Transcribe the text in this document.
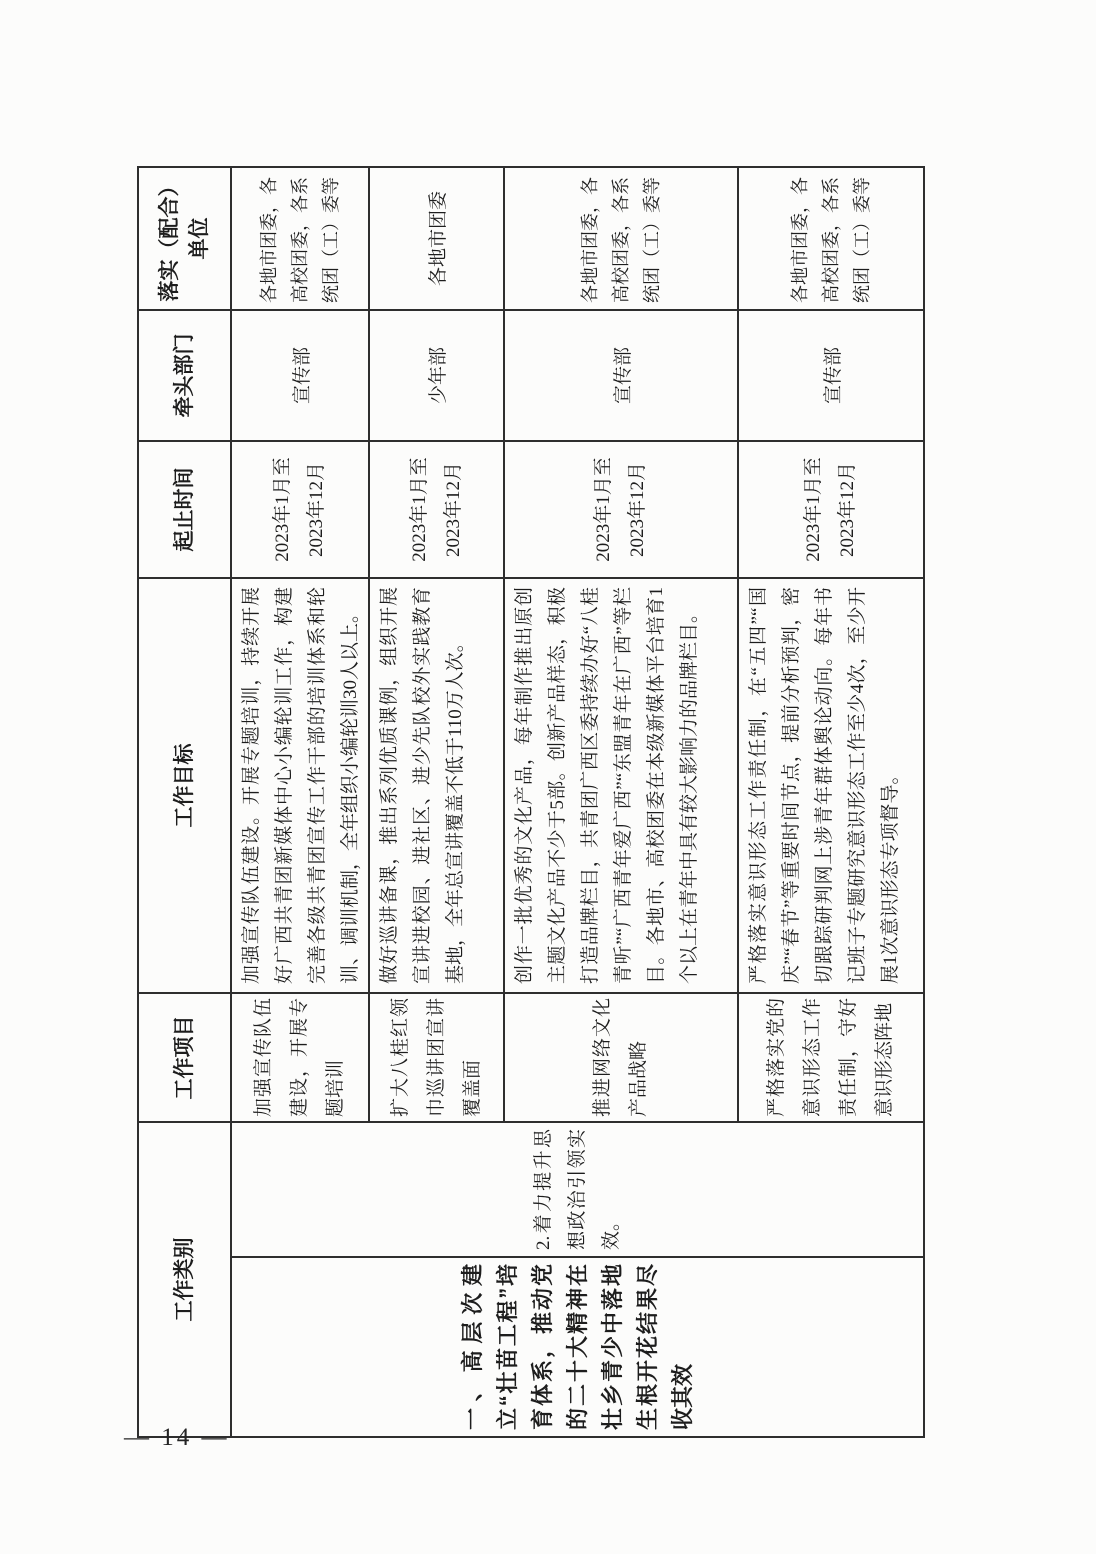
工作类别
工作项目
工作目标
起止时间
牵头部门
落实（配合）单位
一、高层次建立“壮苗工程”培育体系，推动党的二十大精神在壮乡青少中落地生根开花结果尽收其效
2.着力提升思想政治引领实效。
加强宣传队伍建设，开展专题培训
加强宣传队伍建设。开展专题培训，持续开展好广西共青团新媒体中心小编轮训工作，构建完善各级共青团宣传工作干部的培训体系和轮训、调训机制，全年组织小编轮训30人以上。
2023年1月至2023年12月
宣传部
各地市团委，各高校团委，各系统团（工）委等
扩大八桂红领巾巡讲团宣讲覆盖面
做好巡讲备课，推出系列优质课例，组织开展宣讲进校园、进社区、进少先队校外实践教育基地，全年总宣讲覆盖不低于110万人次。
2023年1月至2023年12月
少年部
各地市团委
推进网络文化产品战略
创作一批优秀的文化产品，每年制作推出原创主题文化产品不少于5部。创新产品样态，积极打造品牌栏目，共青团广西区委持续办好“八桂青听”“广西青年爱广西”“东盟青年在广西”等栏目。各地市、高校团委在本级新媒体平台培育1个以上在青年中具有较大影响力的品牌栏目。
2023年1月至2023年12月
宣传部
各地市团委，各高校团委，各系统团（工）委等
严格落实党的意识形态工作责任制，守好意识形态阵地
严格落实意识形态工作责任制，在“五四”“国庆”“春节”等重要时间节点，提前分析预判，密切跟踪研判网上涉青年群体舆论动向。每年书记班子专题研究意识形态工作至少4次，至少开展1次意识形态专项督导。
2023年1月至2023年12月
宣传部
各地市团委，各高校团委，各系统团（工）委等
— 14 —
